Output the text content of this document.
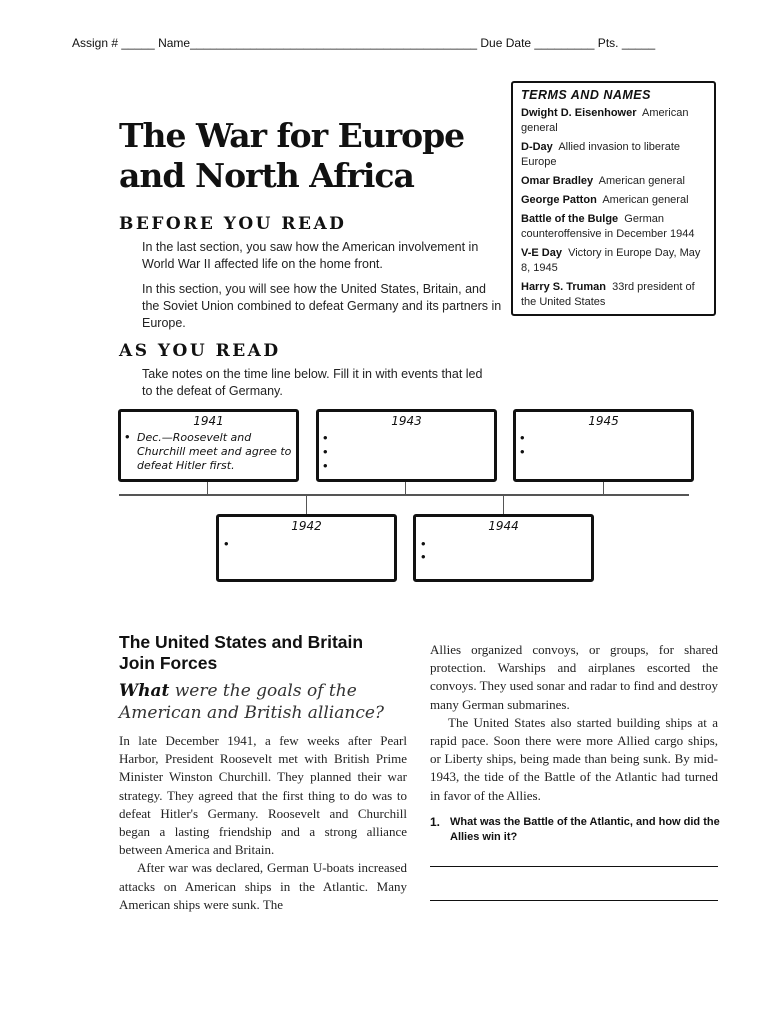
Assign # _____ Name___________________________________________ Due Date _________ Pts. _____
The War for Europe
and North Africa
BEFORE YOU READ
In the last section, you saw how the American involvement in World War II affected life on the home front.
In this section, you will see how the United States, Britain, and the Soviet Union combined to defeat Germany and its partners in Europe.
TERMS AND NAMES
Dwight D. Eisenhower American general
D-Day Allied invasion to liberate Europe
Omar Bradley American general
George Patton American general
Battle of the Bulge German counteroffensive in December 1944
V-E Day Victory in Europe Day, May 8, 1945
Harry S. Truman 33rd president of the United States
AS YOU READ
Take notes on the time line below. Fill it in with events that led to the defeat of Germany.
1941
• Dec.—Roosevelt and Churchill meet and agree to defeat Hitler first.
1943
•
•
•
1945
•
•
1942
•
1944
•
•
The United States and Britain Join Forces
What were the goals of the American and British alliance?

In late December 1941, a few weeks after Pearl Harbor, President Roosevelt met with British Prime Minister Winston Churchill. They planned their war strategy. They agreed that the first thing to do was to defeat Hitler's Germany. Roosevelt and Churchill began a lasting friendship and a strong alliance between America and Britain.

After war was declared, German U-boats increased attacks on American ships in the Atlantic. Many American ships were sunk. The

Allies organized convoys, or groups, for shared protection. Warships and airplanes escorted the convoys. They used sonar and radar to find and destroy many German submarines.

The United States also started building ships at a rapid pace. Soon there were more Allied cargo ships, or Liberty ships, being made than being sunk. By mid-1943, the tide of the Battle of the Atlantic had turned in favor of the Allies.

1. What was the Battle of the Atlantic, and how did the Allies win it?
